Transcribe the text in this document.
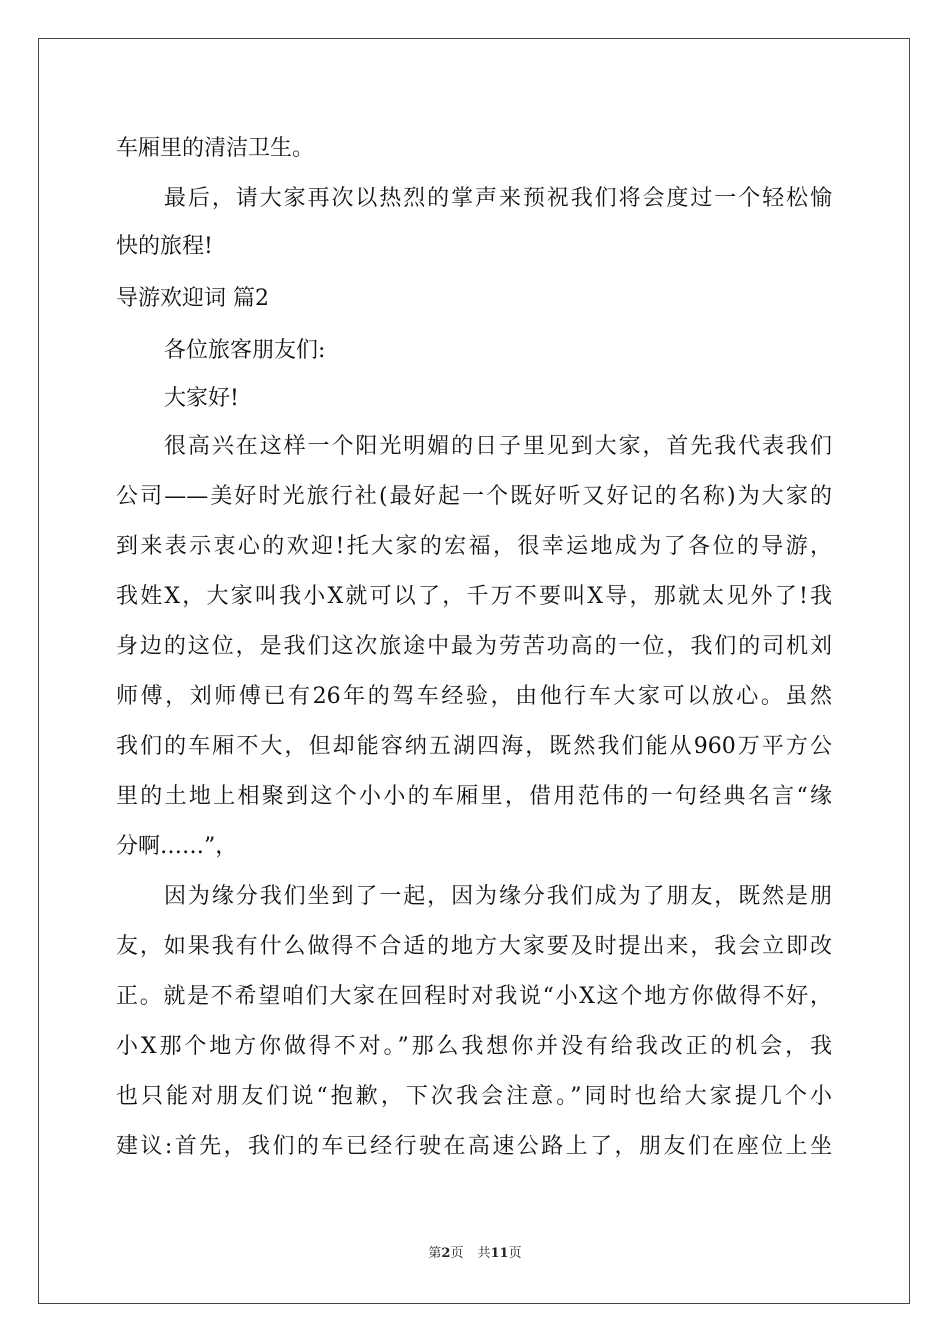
车厢里的清洁卫生。
最后，请大家再次以热烈的掌声来预祝我们将会度过一个轻松愉
快的旅程!
导游欢迎词 篇2
各位旅客朋友们:
大家好!
很高兴在这样一个阳光明媚的日子里见到大家，首先我代表我们
公司——美好时光旅行社(最好起一个既好听又好记的名称)为大家的
到来表示衷心的欢迎!托大家的宏福，很幸运地成为了各位的导游，
我姓X，大家叫我小X就可以了，千万不要叫X导，那就太见外了!我
身边的这位，是我们这次旅途中最为劳苦功高的一位，我们的司机刘
师傅，刘师傅已有26年的驾车经验，由他行车大家可以放心。虽然
我们的车厢不大，但却能容纳五湖四海，既然我们能从960万平方公
里的土地上相聚到这个小小的车厢里，借用范伟的一句经典名言“缘
分啊……”，
因为缘分我们坐到了一起，因为缘分我们成为了朋友，既然是朋
友，如果我有什么做得不合适的地方大家要及时提出来，我会立即改
正。就是不希望咱们大家在回程时对我说“小X这个地方你做得不好，
小X那个地方你做得不对。”那么我想你并没有给我改正的机会，我
也只能对朋友们说“抱歉，下次我会注意。”同时也给大家提几个小
建议:首先，我们的车已经行驶在高速公路上了，朋友们在座位上坐
第2页 共11页
